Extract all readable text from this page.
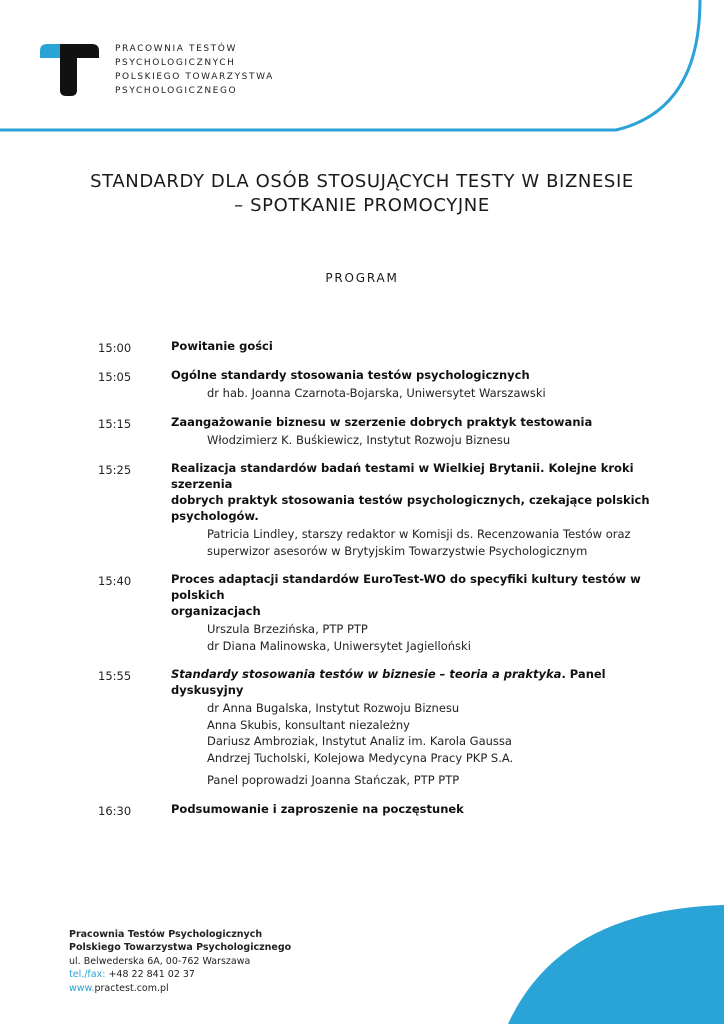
PRACOWNIA TESTÓW
PSYCHOLOGICZNYCH
POLSKIEGO TOWARZYSTWA
PSYCHOLOGICZNEGO
STANDARDY DLA OSÓB STOSUJĄCYCH TESTY W BIZNESIE
– SPOTKANIE PROMOCYJNE
PROGRAM
15:00	Powitanie gości
15:05	Ogólne standardy stosowania testów psychologicznych
dr hab. Joanna Czarnota-Bojarska, Uniwersytet Warszawski
15:15	Zaangażowanie biznesu w szerzenie dobrych praktyk testowania
Włodzimierz K. Buśkiewicz, Instytut Rozwoju Biznesu
15:25	Realizacja standardów badań testami w Wielkiej Brytanii. Kolejne kroki szerzenia
dobrych praktyk stosowania testów psychologicznych, czekające polskich
psychologów.
Patricia Lindley, starszy redaktor w Komisji ds. Recenzowania Testów oraz
superwizor asesorów w Brytyjskim Towarzystwie Psychologicznym
15:40	Proces adaptacji standardów EuroTest-WO do specyfiki kultury testów w polskich
organizacjach
Urszula Brzezińska, PTP PTP
dr Diana Malinowska, Uniwersytet Jagielloński
15:55	Standardy stosowania testów w biznesie – teoria a praktyka. Panel dyskusyjny
dr Anna Bugalska, Instytut Rozwoju Biznesu
Anna Skubis, konsultant niezależny
Dariusz Ambroziak, Instytut Analiz im. Karola Gaussa
Andrzej Tucholski, Kolejowa Medycyna Pracy PKP S.A.
Panel poprowadzi Joanna Stańczak, PTP PTP
16:30	Podsumowanie i zaproszenie na poczęstunek
Pracownia Testów Psychologicznych
Polskiego Towarzystwa Psychologicznego
ul. Belwederska 6A, 00-762 Warszawa
tel./fax: +48 22 841 02 37
www.practest.com.pl
